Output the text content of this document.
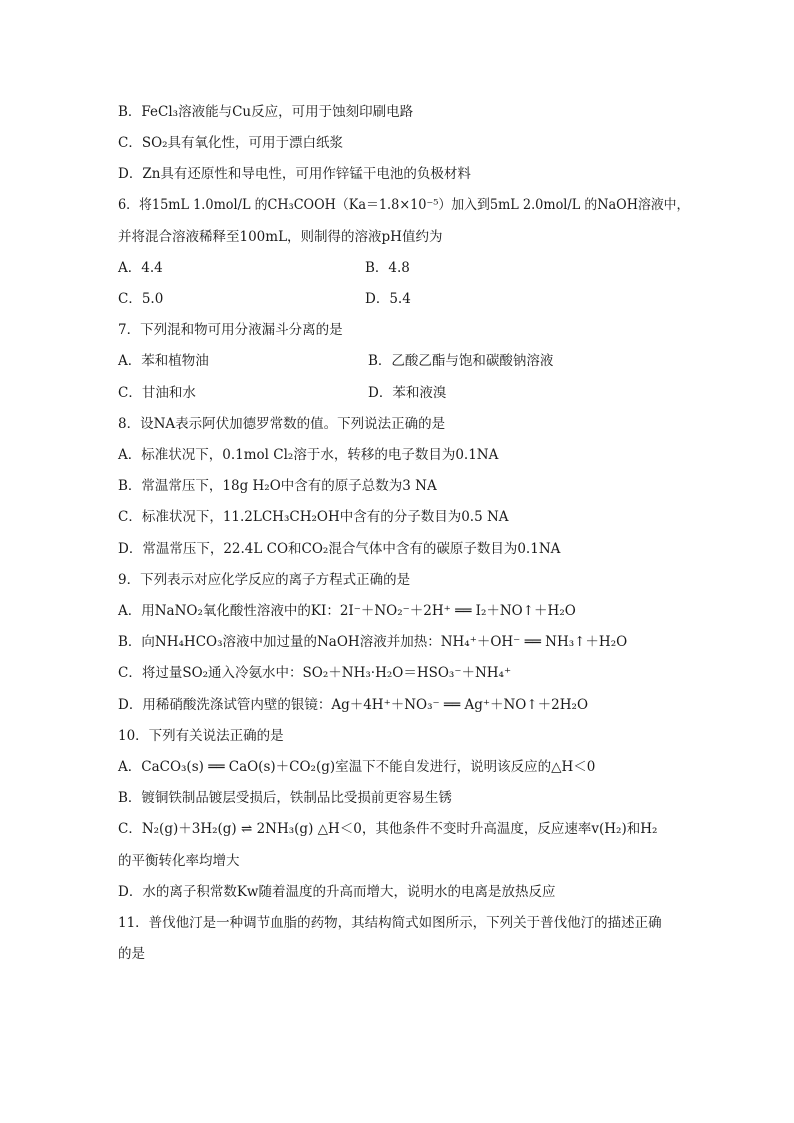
B．FeCl₃溶液能与Cu反应，可用于蚀刻印刷电路
C．SO₂具有氧化性，可用于漂白纸浆
D．Zn具有还原性和导电性，可用作锌锰干电池的负极材料
6．将15mL 1.0mol/L 的CH₃COOH（Ka＝1.8×10⁻⁵）加入到5mL 2.0mol/L 的NaOH溶液中，
并将混合溶液稀释至100mL，则制得的溶液pH值约为
A．4.4	B．4.8
C．5.0	D．5.4
7．下列混和物可用分液漏斗分离的是
A．苯和植物油	B．乙酸乙酯与饱和碳酸钠溶液
C．甘油和水	D．苯和液溴
8．设NA表示阿伏加德罗常数的值。下列说法正确的是
A．标准状况下，0.1mol Cl₂溶于水，转移的电子数目为0.1NA
B．常温常压下，18g H₂O中含有的原子总数为3 NA
C．标准状况下，11.2LCH₃CH₂OH中含有的分子数目为0.5 NA
D．常温常压下，22.4L CO和CO₂混合气体中含有的碳原子数目为0.1NA
9．下列表示对应化学反应的离子方程式正确的是
A．用NaNO₂氧化酸性溶液中的KI：2I⁻＋NO₂⁻＋2H⁺ ══ I₂＋NO↑＋H₂O
B．向NH₄HCO₃溶液中加过量的NaOH溶液并加热：NH₄⁺＋OH⁻ ══ NH₃↑＋H₂O
C．将过量SO₂通入冷氨水中：SO₂＋NH₃·H₂O＝HSO₃⁻＋NH₄⁺
D．用稀硝酸洗涤试管内壁的银镜：Ag＋4H⁺＋NO₃⁻ ══ Ag⁺＋NO↑＋2H₂O
10．下列有关说法正确的是
A．CaCO₃(s) ══ CaO(s)＋CO₂(g)室温下不能自发进行，说明该反应的△H＜0
B．镀铜铁制品镀层受损后，铁制品比受损前更容易生锈
C．N₂(g)＋3H₂(g) ⇌ 2NH₃(g) △H＜0，其他条件不变时升高温度，反应速率v(H₂)和H₂
的平衡转化率均增大
D．水的离子积常数Kw随着温度的升高而增大，说明水的电离是放热反应
11．普伐他汀是一种调节血脂的药物，其结构简式如图所示，下列关于普伐他汀的描述正确
的是
